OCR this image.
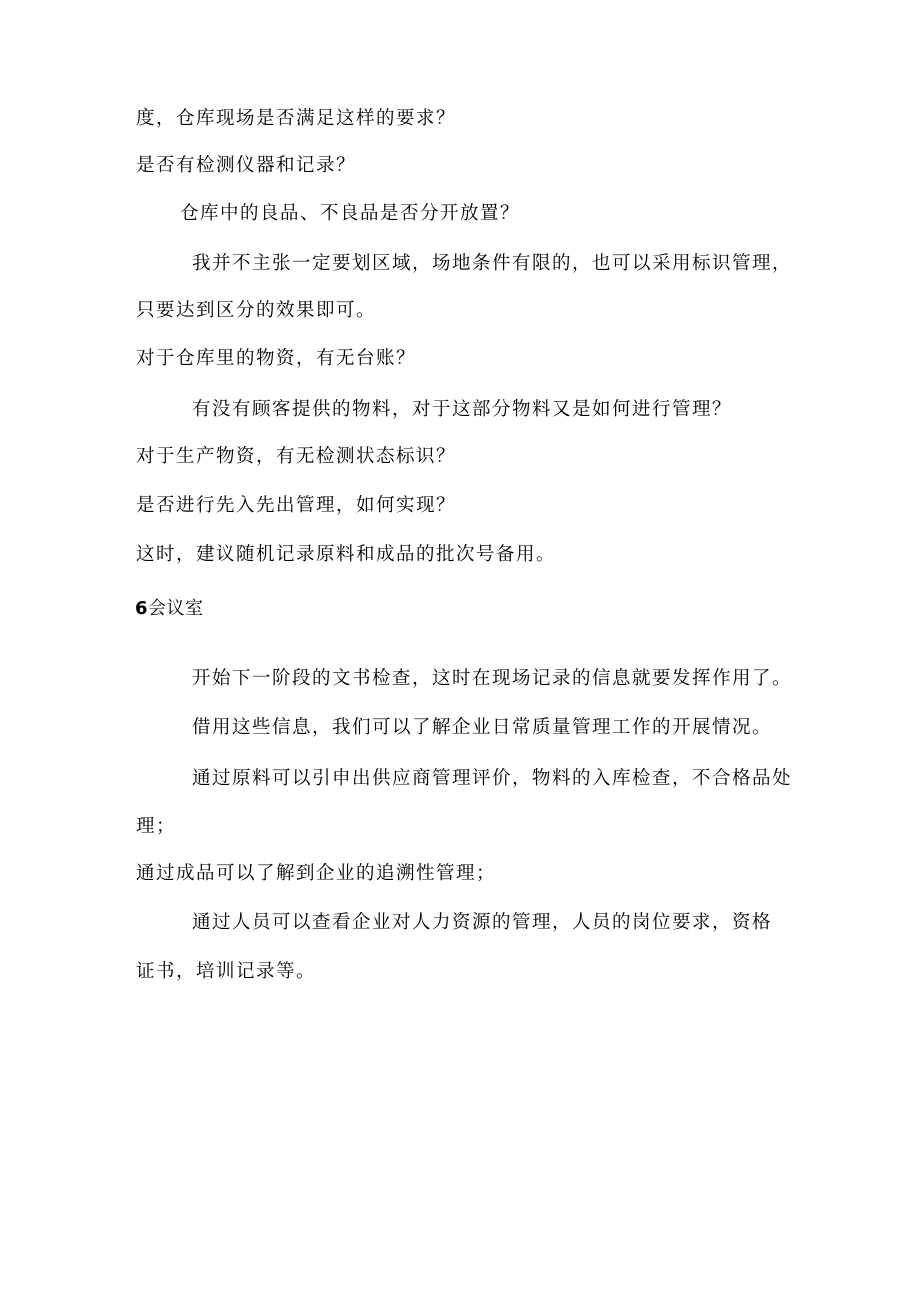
度，仓库现场是否满足这样的要求？
是否有检测仪器和记录？
仓库中的良品、不良品是否分开放置？
我并不主张一定要划区域，场地条件有限的，也可以采用标识管理，
只要达到区分的效果即可。
对于仓库里的物资，有无台账？
有没有顾客提供的物料，对于这部分物料又是如何进行管理？
对于生产物资，有无检测状态标识？
是否进行先入先出管理，如何实现？
这时，建议随机记录原料和成品的批次号备用。
6会议室
开始下一阶段的文书检查，这时在现场记录的信息就要发挥作用了。
借用这些信息，我们可以了解企业日常质量管理工作的开展情况。
通过原料可以引申出供应商管理评价，物料的入库检查，不合格品处
理；
通过成品可以了解到企业的追溯性管理；
通过人员可以查看企业对人力资源的管理，人员的岗位要求，资格
证书，培训记录等。
